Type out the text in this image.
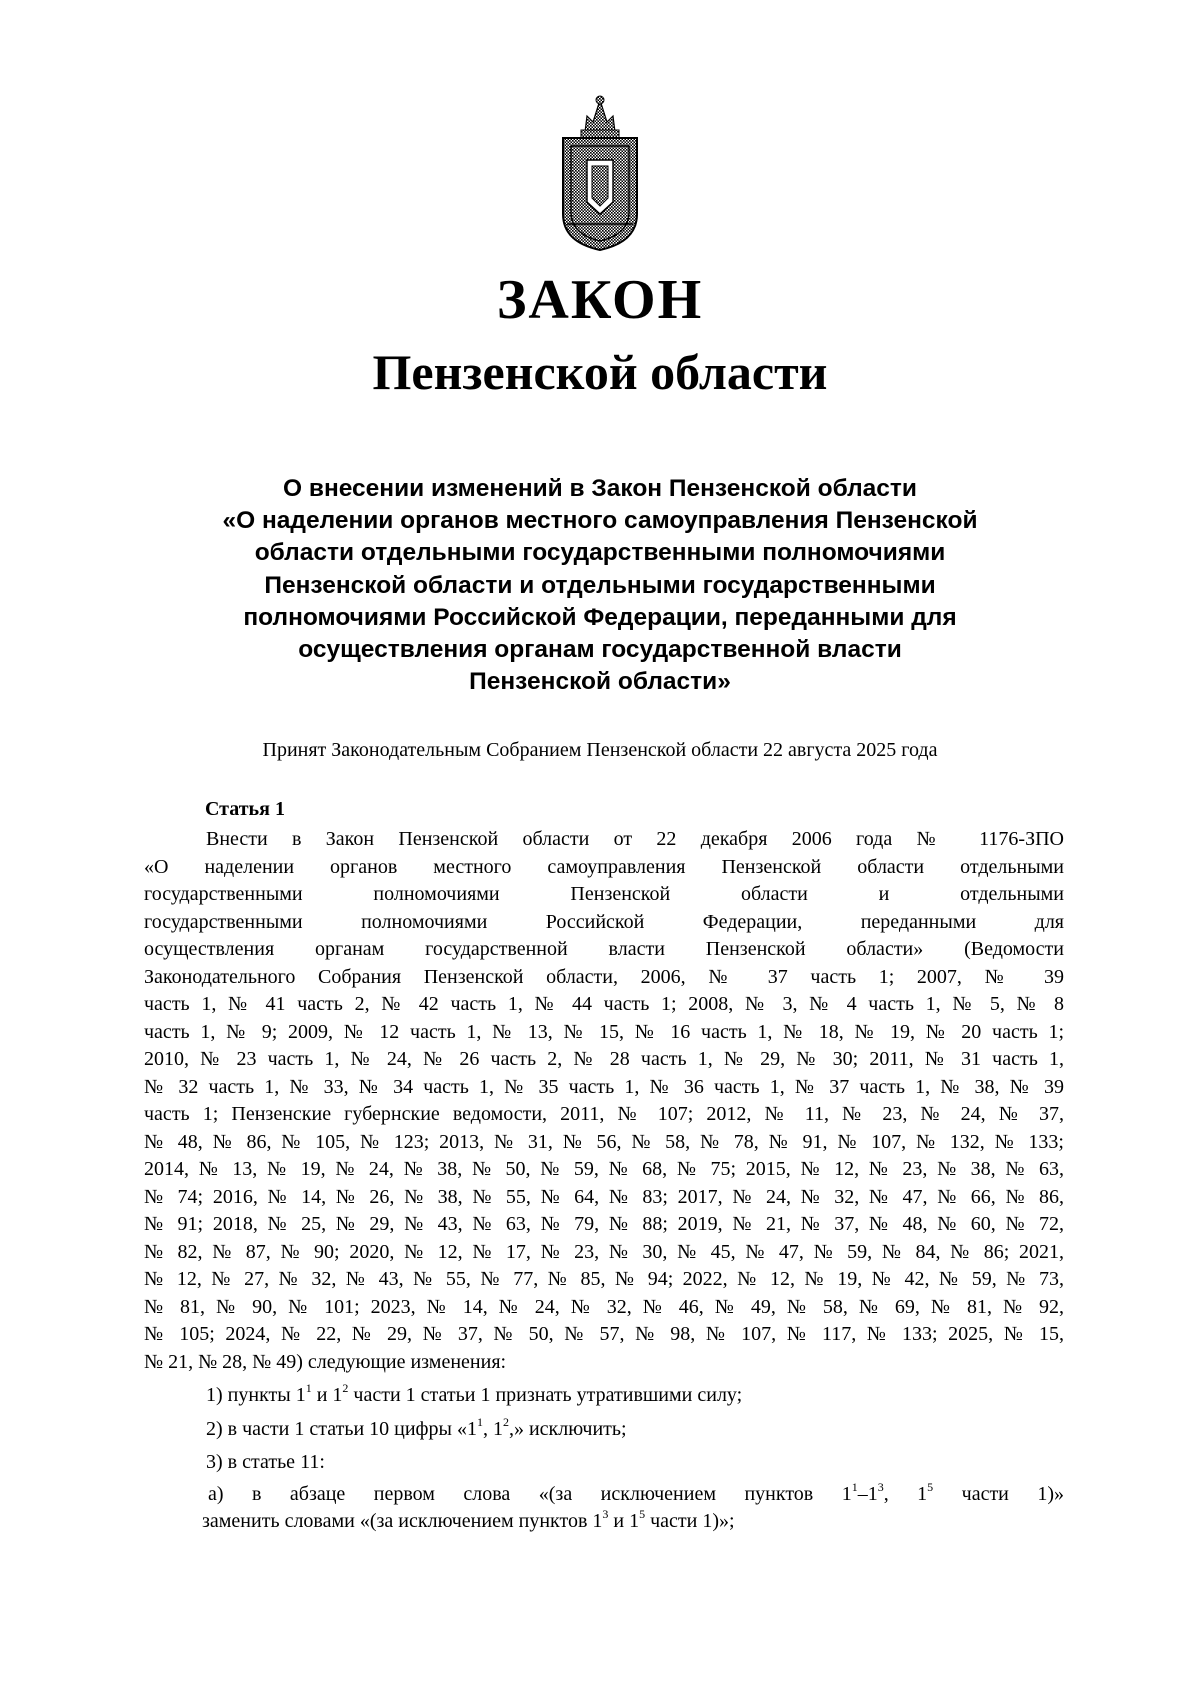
ЗАКОН
Пензенской области
О внесении изменений в Закон Пензенской области
«О наделении органов местного самоуправления Пензенской
области отдельными государственными полномочиями
Пензенской области и отдельными государственными
полномочиями Российской Федерации, переданными для
осуществления органам государственной власти
Пензенской области»
Принят Законодательным Собранием Пензенской области 22 августа 2025 года
Статья 1
Внести в Закон Пензенской области от 22 декабря 2006 года № 1176-ЗПО
«О наделении органов местного самоуправления Пензенской области отдельными
государственными полномочиями Пензенской области и отдельными
государственными полномочиями Российской Федерации, переданными для
осуществления органам государственной власти Пензенской области» (Ведомости
Законодательного Собрания Пензенской области, 2006, № 37 часть 1; 2007, № 39
часть 1, № 41 часть 2, № 42 часть 1, № 44 часть 1; 2008, № 3, № 4 часть 1, № 5, № 8
часть 1, № 9; 2009, № 12 часть 1, № 13, № 15, № 16 часть 1, № 18, № 19, № 20 часть 1;
2010, № 23 часть 1, № 24, № 26 часть 2, № 28 часть 1, № 29, № 30; 2011, № 31 часть 1,
№ 32 часть 1, № 33, № 34 часть 1, № 35 часть 1, № 36 часть 1, № 37 часть 1, № 38, № 39
часть 1; Пензенские губернские ведомости, 2011, № 107; 2012, № 11, № 23, № 24, № 37,
№ 48, № 86, № 105, № 123; 2013, № 31, № 56, № 58, № 78, № 91, № 107, № 132, № 133;
2014, № 13, № 19, № 24, № 38, № 50, № 59, № 68, № 75; 2015, № 12, № 23, № 38, № 63,
№ 74; 2016, № 14, № 26, № 38, № 55, № 64, № 83; 2017, № 24, № 32, № 47, № 66, № 86,
№ 91; 2018, № 25, № 29, № 43, № 63, № 79, № 88; 2019, № 21, № 37, № 48, № 60, № 72,
№ 82, № 87, № 90; 2020, № 12, № 17, № 23, № 30, № 45, № 47, № 59, № 84, № 86; 2021,
№ 12, № 27, № 32, № 43, № 55, № 77, № 85, № 94; 2022, № 12, № 19, № 42, № 59, № 73,
№ 81, № 90, № 101; 2023, № 14, № 24, № 32, № 46, № 49, № 58, № 69, № 81, № 92,
№ 105; 2024, № 22, № 29, № 37, № 50, № 57, № 98, № 107, № 117, № 133; 2025, № 15,
№ 21, № 28, № 49) следующие изменения:
1) пункты $1^1$ и $1^2$ части 1 статьи 1 признать утратившими силу;
2) в части 1 статьи 10 цифры «$1^1$, $1^2$,» исключить;
3) в статье 11:
а) в абзаце первом слова «(за исключением пунктов $1^1-1^3$, $1^5$ части 1)»
заменить словами «(за исключением пунктов $1^3$ и $1^5$ части 1)»;
